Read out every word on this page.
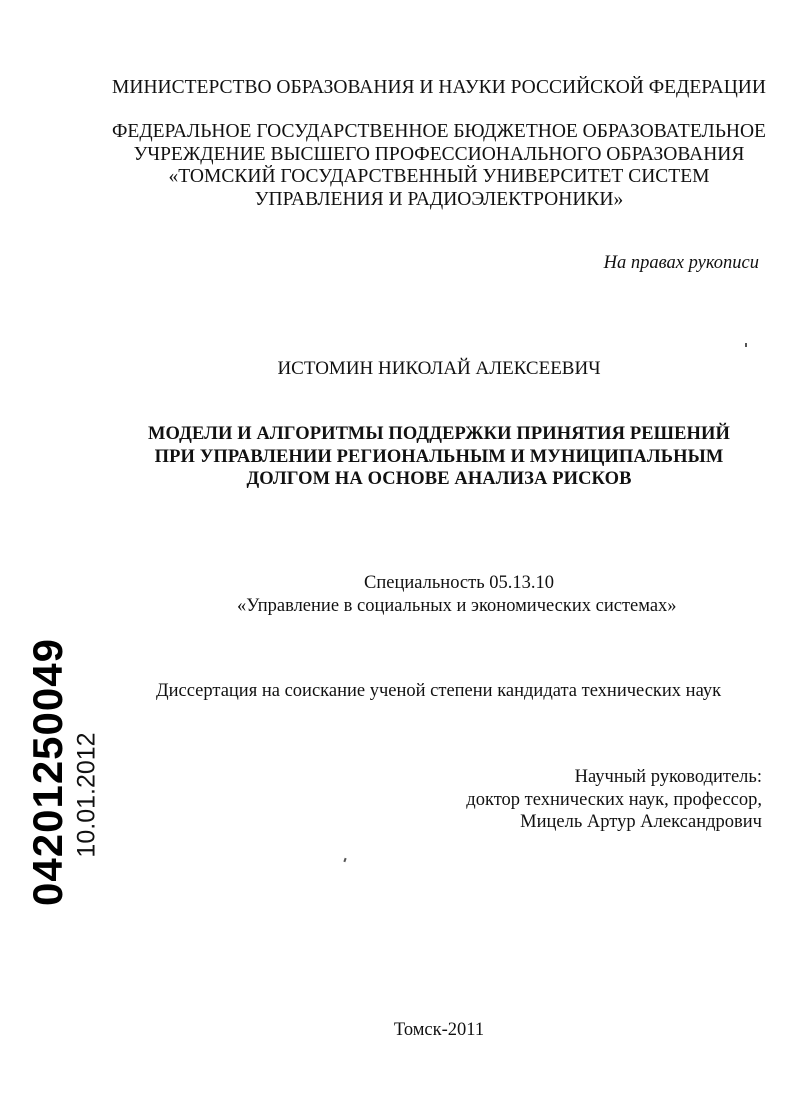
04201250049 10.01.2012
МИНИСТЕРСТВО ОБРАЗОВАНИЯ И НАУКИ РОССИЙСКОЙ ФЕДЕРАЦИИ
ФЕДЕРАЛЬНОЕ ГОСУДАРСТВЕННОЕ БЮДЖЕТНОЕ ОБРАЗОВАТЕЛЬНОЕ
УЧРЕЖДЕНИЕ ВЫСШЕГО ПРОФЕССИОНАЛЬНОГО ОБРАЗОВАНИЯ
«ТОМСКИЙ ГОСУДАРСТВЕННЫЙ УНИВЕРСИТЕТ СИСТЕМ
УПРАВЛЕНИЯ И РАДИОЭЛЕКТРОНИКИ»
На правах рукописи
ИСТОМИН НИКОЛАЙ АЛЕКСЕЕВИЧ
МОДЕЛИ И АЛГОРИТМЫ ПОДДЕРЖКИ ПРИНЯТИЯ РЕШЕНИЙ
ПРИ УПРАВЛЕНИИ РЕГИОНАЛЬНЫМ И МУНИЦИПАЛЬНЫМ
ДОЛГОМ НА ОСНОВЕ АНАЛИЗА РИСКОВ
Специальность 05.13.10
«Управление в социальных и экономических системах»
Диссертация на соискание ученой степени кандидата технических наук
Научный руководитель:
доктор технических наук, профессор,
Мицель Артур Александрович
Томск-2011
